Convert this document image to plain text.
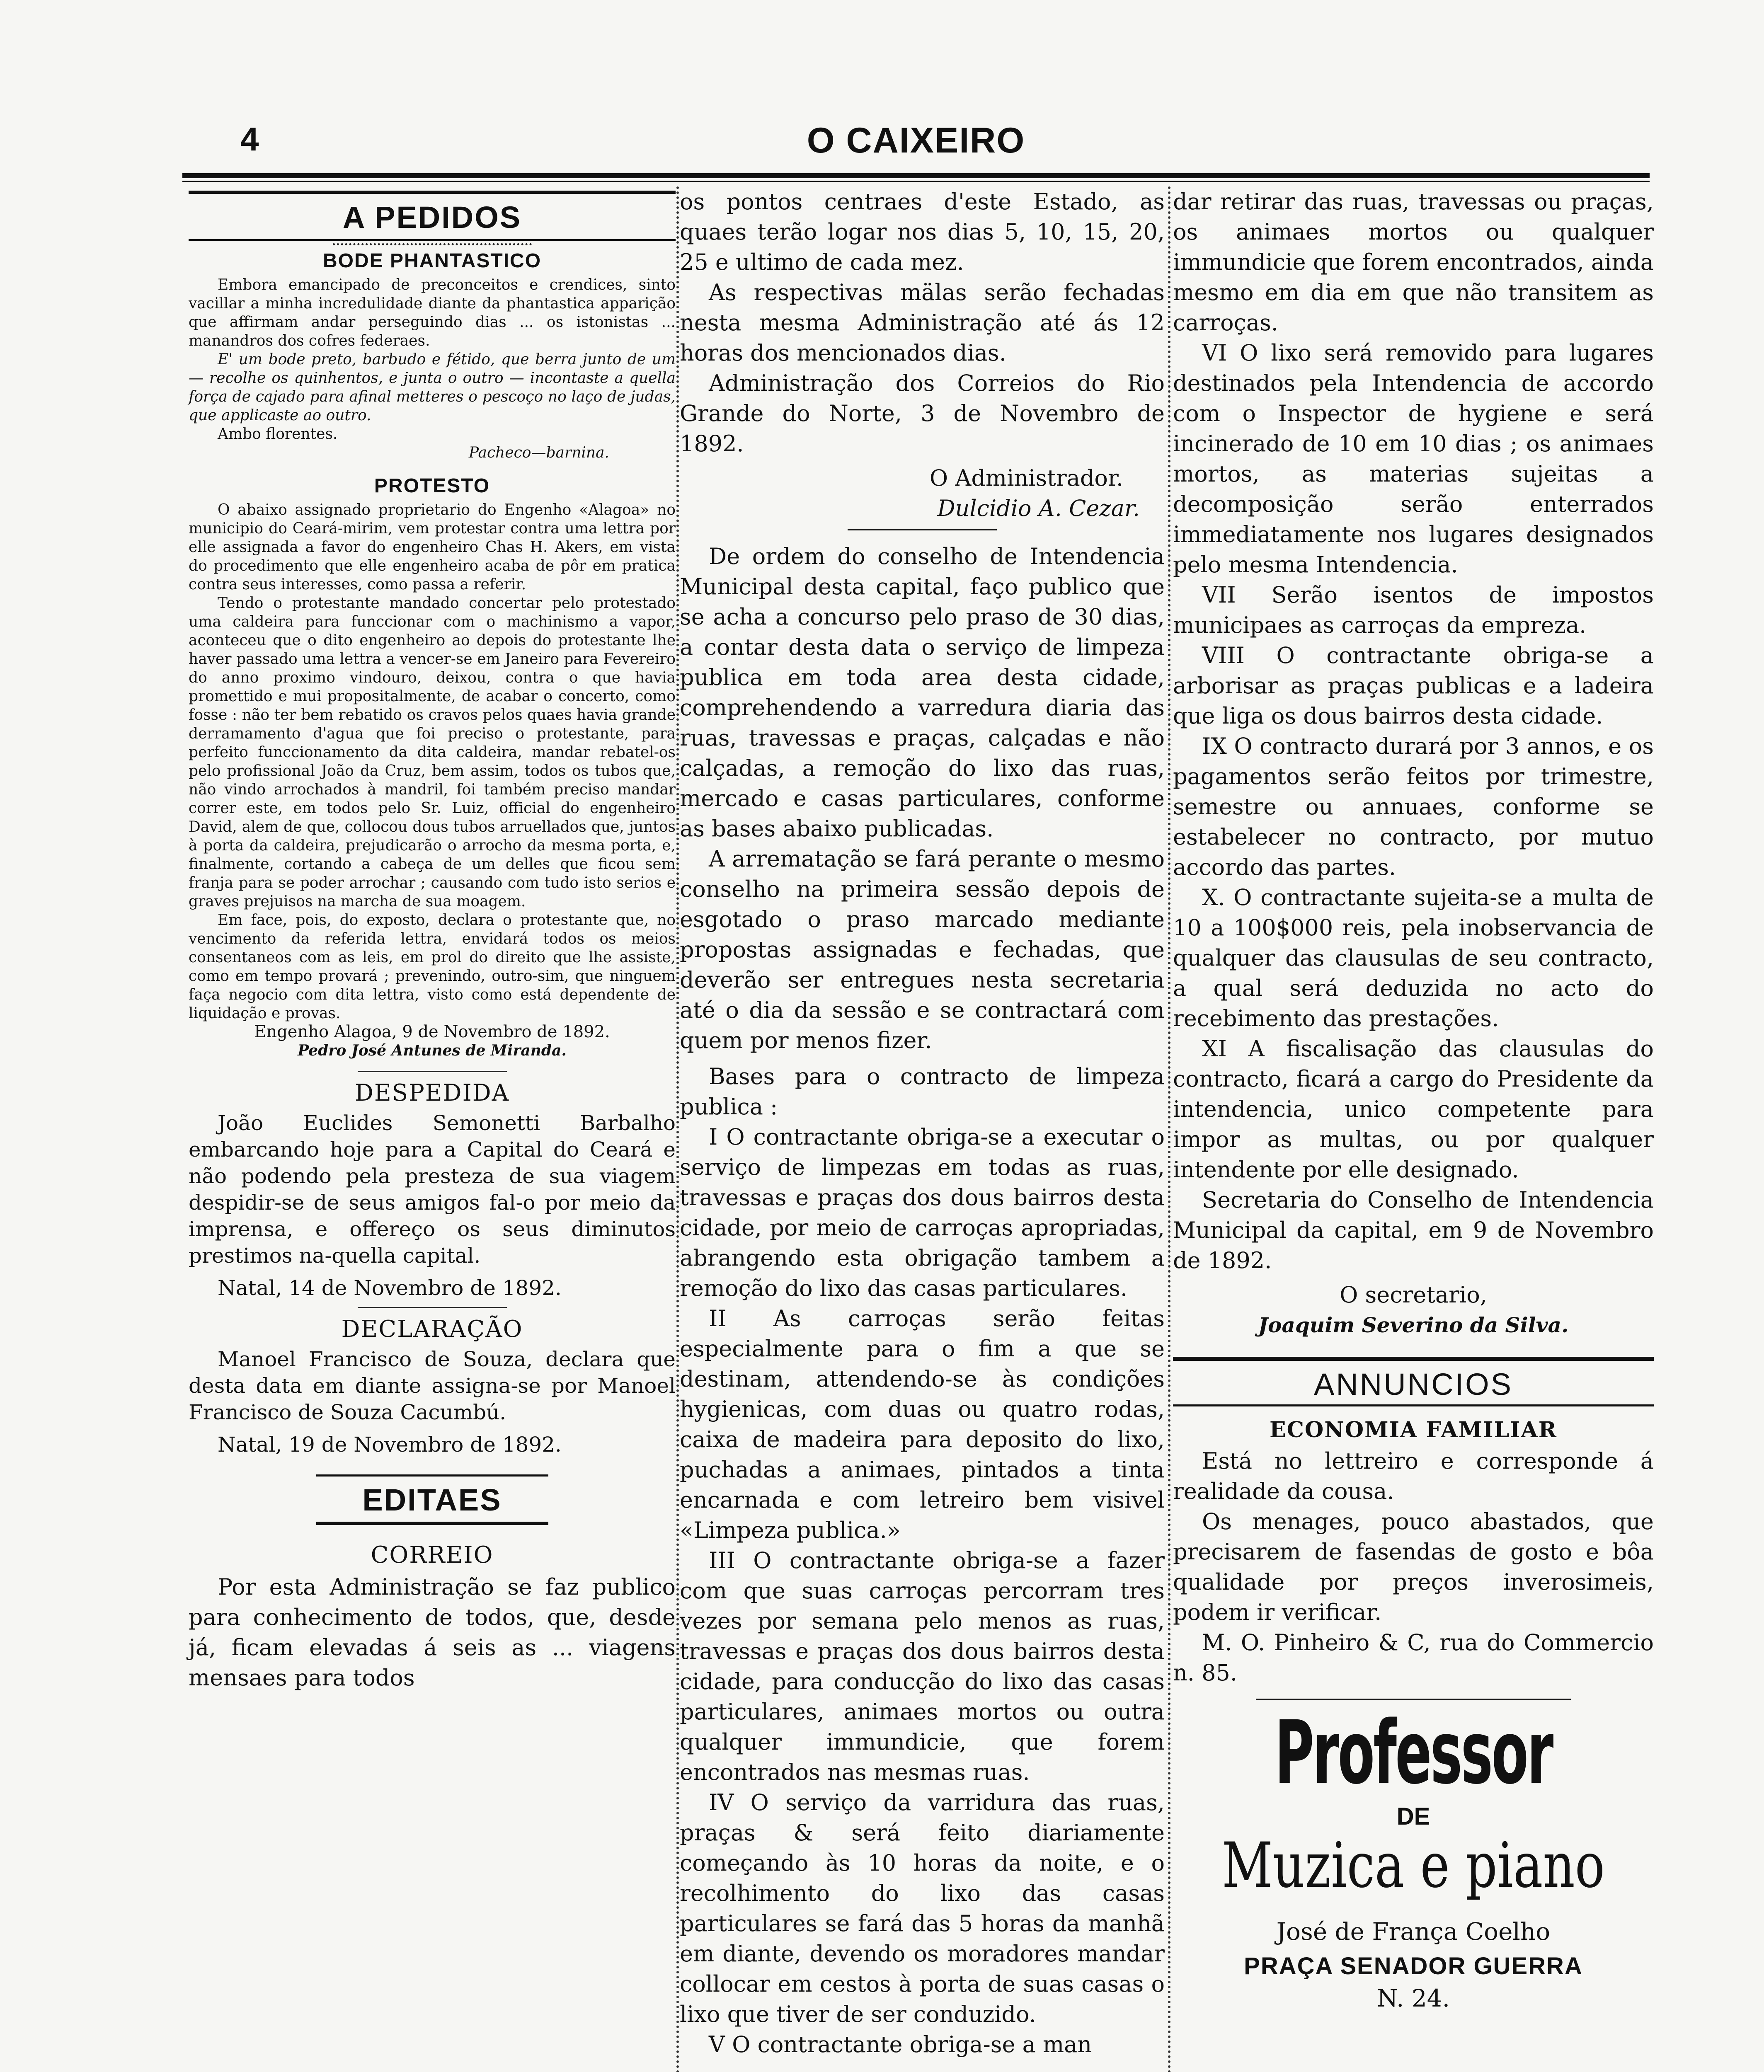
4	O CAIXEIRO
A PEDIDOS
BODE PHANTASTICO

Embora emancipado de preconceitos e crendices, sinto vacillar a minha incredulidade diante da phantastica apparição que affirmam andar perseguindo dias ... os istonistas ... manandros dos cofres federaes.

E' um bode preto, barbudo e fétido, que berra junto de um — recolhe os quinhentos, e junta o outro — incontaste a quella força de cajado para afinal metteres o pescoço no laço de judas, que applicaste ao outro.

Ambo florentes.

Pacheco—barnina.

PROTESTO

O abaixo assignado proprietario do Engenho «Alagoa» no municipio do Ceará-mirim, vem protestar contra uma lettra por elle assignada a favor do engenheiro Chas H. Akers, em vista do procedimento que elle engenheiro acaba de pôr em pratica contra seus interesses, como passa a referir.

Tendo o protestante mandado concertar pelo protestado uma caldeira para funccionar com o machinismo a vapor, aconteceu que o dito engenheiro ao depois do protestante lhe haver passado uma lettra a vencer-se em Janeiro para Fevereiro do anno proximo vindouro, deixou, contra o que havia promettido e mui propositalmente, de acabar o concerto, como fosse : não ter bem rebatido os cravos pelos quaes havia grande derramamento d'agua que foi preciso o protestante, para perfeito funccionamento da dita caldeira, mandar rebatel-os pelo profissional João da Cruz, bem assim, todos os tubos que, não vindo arrochados à mandril, foi também preciso mandar correr este, em todos pelo Sr. Luiz, official do engenheiro David, alem de que, collocou dous tubos arruellados que, juntos à porta da caldeira, prejudicarão o arrocho da mesma porta, e, finalmente, cortando a cabeça de um delles que ficou sem franja para se poder arrochar ; causando com tudo isto serios e graves prejuisos na marcha de sua moagem.

Em face, pois, do exposto, declara o protestante que, no vencimento da referida lettra, envidará todos os meios consentaneos com as leis, em prol do direito que lhe assiste, como em tempo provará ; prevenindo, outro-sim, que ninguem faça negocio com dita lettra, visto como está dependente de liquidação e provas.

Engenho Alagoa, 9 de Novembro de 1892.

Pedro José Antunes de Miranda.

DESPEDIDA

João Euclides Semonetti Barbalho embarcando hoje para a Capital do Ceará e não podendo pela presteza de sua viagem despidir-se de seus amigos fal-o por meio da imprensa, e offereço os seus diminutos prestimos na-quella capital.

Natal, 14 de Novembro de 1892.

DECLARAÇÃO

Manoel Francisco de Souza, declara que desta data em diante assigna-se por Manoel Francisco de Souza Cacumbú.

Natal, 19 de Novembro de 1892.

EDITAES
CORREIO

Por esta Administração se faz publico para conhecimento de todos, que, desde já, ficam elevadas á seis as ... viagens mensaes para todos

os pontos centraes d'este Estado, as quaes terão logar nos dias 5, 10, 15, 20, 25 e ultimo de cada mez.

As respectivas mälas serão fechadas nesta mesma Administração até ás 12 horas dos mencionados dias.

Administração dos Correios do Rio Grande do Norte, 3 de Novembro de 1892.

O Administrador.

Dulcidio A. Cezar.

De ordem do conselho de Intendencia Municipal desta capital, faço publico que se acha a concurso pelo praso de 30 dias, a contar desta data o serviço de limpeza publica em toda area desta cidade, comprehendendo a varredura diaria das ruas, travessas e praças, calçadas e não calçadas, a remoção do lixo das ruas, mercado e casas particulares, conforme as bases abaixo publicadas.

A arrematação se fará perante o mesmo conselho na primeira sessão depois de esgotado o praso marcado mediante propostas assignadas e fechadas, que deverão ser entregues nesta secretaria até o dia da sessão e se contractará com quem por menos fizer.

Bases para o contracto de limpeza publica :

I O contractante obriga-se a executar o serviço de limpezas em todas as ruas, travessas e praças dos dous bairros desta cidade, por meio de carroças apropriadas, abrangendo esta obrigação tambem a remoção do lixo das casas particulares.

II As carroças serão feitas especialmente para o fim a que se destinam, attendendo-se às condições hygienicas, com duas ou quatro rodas, caixa de madeira para deposito do lixo, puchadas a animaes, pintados a tinta encarnada e com letreiro bem visivel «Limpeza publica.»

III O contractante obriga-se a fazer com que suas carroças percorram tres vezes por semana pelo menos as ruas, travessas e praças dos dous bairros desta cidade, para conducção do lixo das casas particulares, animaes mortos ou outra qualquer immundicie, que forem encontrados nas mesmas ruas.

IV O serviço da varridura das ruas, praças & será feito diariamente começando às 10 horas da noite, e o recolhimento do lixo das casas particulares se fará das 5 horas da manhã em diante, devendo os moradores mandar collocar em cestos à porta de suas casas o lixo que tiver de ser conduzido.

V O contractante obriga-se a man

dar retirar das ruas, travessas ou praças, os animaes mortos ou qualquer immundicie que forem encontrados, ainda mesmo em dia em que não transitem as carroças.

VI O lixo será removido para lugares destinados pela Intendencia de accordo com o Inspector de hygiene e será incinerado de 10 em 10 dias ; os animaes mortos, as materias sujeitas a decomposição serão enterrados immediatamente nos lugares designados pelo mesma Intendencia.

VII Serão isentos de impostos municipaes as carroças da empreza.

VIII O contractante obriga-se a arborisar as praças publicas e a ladeira que liga os dous bairros desta cidade.

IX O contracto durará por 3 annos, e os pagamentos serão feitos por trimestre, semestre ou annuaes, conforme se estabelecer no contracto, por mutuo accordo das partes.

X. O contractante sujeita-se a multa de 10 a 100$000 reis, pela inobservancia de qualquer das clausulas de seu contracto, a qual será deduzida no acto do recebimento das prestações.

XI A fiscalisação das clausulas do contracto, ficará a cargo do Presidente da intendencia, unico competente para impor as multas, ou por qualquer intendente por elle designado.

Secretaria do Conselho de Intendencia Municipal da capital, em 9 de Novembro de 1892.

O secretario,

Joaquim Severino da Silva.

ANNUNCIOS
ECONOMIA FAMILIAR

Está no lettreiro e corresponde á realidade da cousa.

Os menages, pouco abastados, que precisarem de fasendas de gosto e bôa qualidade por preços inverosimeis, podem ir verificar.

M. O. Pinheiro & C, rua do Commercio n. 85.

Professor
DE
Muzica e piano
José de França Coelho
PRAÇA SENADOR GUERRA
N. 24.
